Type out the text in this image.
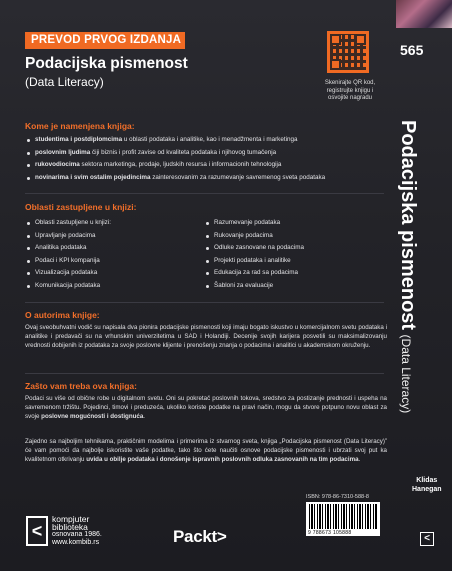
PREVOD PRVOG IZDANJA
Podacijska pismenost
(Data Literacy)	Skenirajte QR kod, registrujte knjigu i osvojite nagradu
565
Podacijska pismenost (Data Literacy)
Kome je namenjena knjiga:
studentima i postdiplomcima u oblasti podataka i analitike, kao i menadžmenta i marketinga
poslovnim ljudima čiji biznis i profit zavise od kvaliteta podataka i njihovog tumačenja
rukovodiocima sektora marketinga, prodaje, ljudskih resursa i informacionih tehnologija
novinarima i svim ostalim pojedincima zainteresovanim za razumevanje savremenog sveta podataka
Oblasti zastupljene u knjizi:
Oblasti zastupljene u knjizi:
Upravljanje podacima
Analitika podataka
Podaci i KPI kompanija
Vizualizacija podataka
Komunikacija podataka
Razumevanje podataka
Rukovanje podacima
Odluke zasnovane na podacima
Projekti podataka i analitike
Edukacija za rad sa podacima
Šabloni za evaluacije
O autorima knjige:
Ovaj sveobuhvatni vodič su napisala dva pionira podacijske pismenosti koji imaju bogato iskustvo u komercijalnom svetu podataka i analitike i predavači su na vrhunskim univerzitetima u SAD i Holandiji. Decenije svojih karijera posvetili su maksimalizovanju vrednosti dobijenih iz podataka za svoje poslovne klijente i prenošenju znanja o podacima i analitici u akademskom okruženju.
Zašto vam treba ova knjiga:
Podaci su više od obične robe u digitalnom svetu. Oni su pokretač poslovnih tokova, sredstvo za postizanje prednosti i uspeha na savremenom tržištu. Pojedinci, timovi i preduzeća, ukoliko koriste podatke na pravi način, mogu da stvore potpuno novu oblast za svoje poslovne mogućnosti i dostignuća.
Zajedno sa najboljim tehnikama, praktičnim modelima i primerima iz stvarnog sveta, knjiga „Podacijska pismenost (Data Literacy)” će vam pomoći da najbolje iskoristite vaše podatke, tako što ćete naučiti osnove podacijske pismenosti i ubrzati svoj put ka kvalitetnom otkrivanju uvida u obilje podataka i donošenje ispravnih poslovnih odluka zasnovanih na tim podacima.
Klidas
Hanegan
ISBN: 978-86-7310-588-8
9 788673 105888	<
<
kompjuter
biblioteka
osnovana 1986.
www.kombib.rs	Packt>
